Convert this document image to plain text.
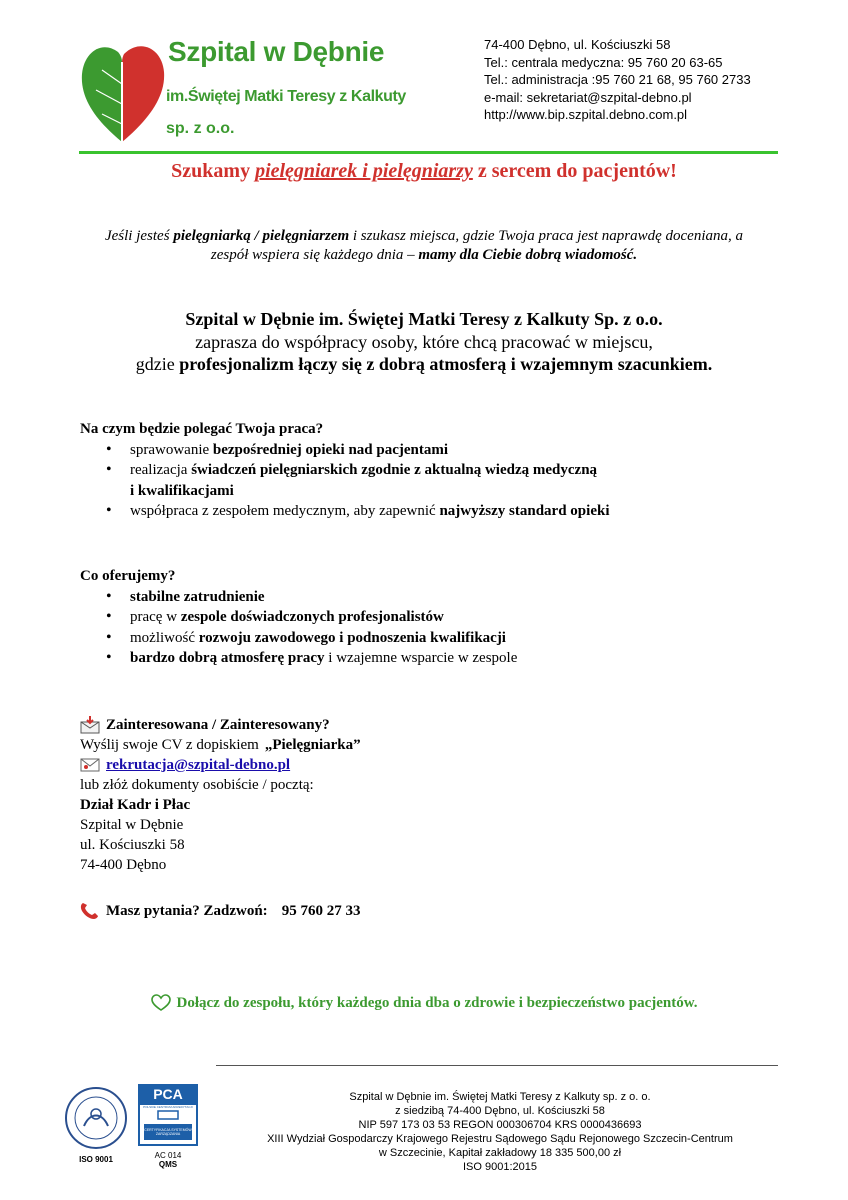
Szpital w Dębnie
im.Świętej Matki Teresy z Kalkuty
sp. z o.o.
74-400 Dębno, ul. Kościuszki 58
Tel.: centrala medyczna: 95 760 20 63-65
Tel.: administracja :95 760 21 68, 95 760 2733
e-mail: sekretariat@szpital-debno.pl
http://www.bip.szpital.debno.com.pl
Szukamy pielęgniarek i pielęgniarzy z sercem do pacjentów!
Jeśli jesteś pielęgniarką / pielęgniarzem i szukasz miejsca, gdzie Twoja praca jest naprawdę doceniana, a zespół wspiera się każdego dnia – mamy dla Ciebie dobrą wiadomość.
Szpital w Dębnie im. Świętej Matki Teresy z Kalkuty Sp. z o.o.
zaprasza do współpracy osoby, które chcą pracować w miejscu,
gdzie profesjonalizm łączy się z dobrą atmosferą i wzajemnym szacunkiem.
Na czym będzie polegać Twoja praca?
• sprawowanie bezpośredniej opieki nad pacjentami
• realizacja świadczeń pielęgniarskich zgodnie z aktualną wiedzą medyczną
i kwalifikacjami
• współpraca z zespołem medycznym, aby zapewnić najwyższy standard opieki
Co oferujemy?
• stabilne zatrudnienie
• pracę w zespole doświadczonych profesjonalistów
• możliwość rozwoju zawodowego i podnoszenia kwalifikacji
• bardzo dobrą atmosferę pracy i wzajemne wsparcie w zespole
Zainteresowana / Zainteresowany?
Wyślij swoje CV z dopiskiem „Pielęgniarka”
rekrutacja@szpital-debno.pl
lub złóż dokumenty osobiście / pocztą:
Dział Kadr i Płac
Szpital w Dębnie
ul. Kościuszki 58
74-400 Dębno
Masz pytania? Zadzwoń: 95 760 27 33
Dołącz do zespołu, który każdego dnia dba o zdrowie i bezpieczeństwo pacjentów.
ISO 9001
PCA
POLSKIE CENTRUM AKREDYTACJI
CERTYFIKACJA SYSTEMÓW ZARZĄDZANIA
AC 014
QMS
Szpital w Dębnie im. Świętej Matki Teresy z Kalkuty sp. z o. o.
z siedzibą 74-400 Dębno, ul. Kościuszki 58
NIP 597 173 03 53 REGON 000306704 KRS 0000436693
XIII Wydział Gospodarczy Krajowego Rejestru Sądowego Sądu Rejonowego Szczecin-Centrum
w Szczecinie, Kapitał zakładowy 18 335 500,00 zł
ISO 9001:2015
